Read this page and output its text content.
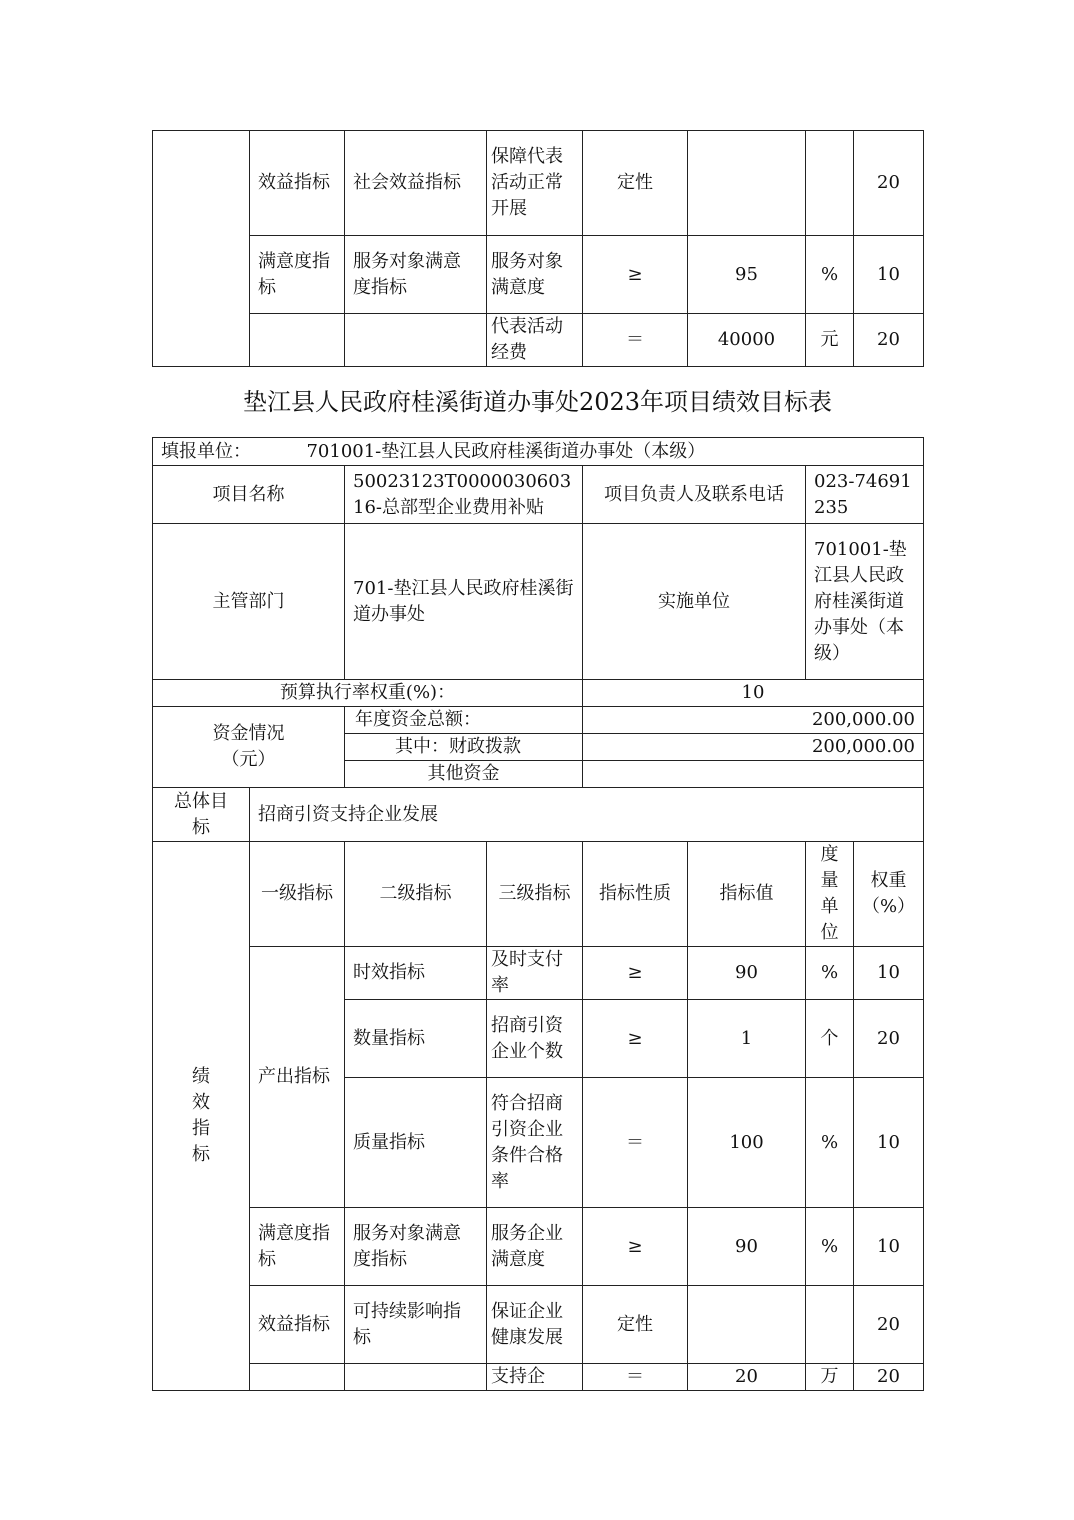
	效益指标	社会效益指标	保障代表活动正常开展	定性			20
	满意度指标	服务对象满意度指标	服务对象满意度	≥	95	%	10
			代表活动经费	＝	40000	元	20
垫江县人民政府桂溪街道办事处2023年项目绩效目标表
填报单位： 701001-垫江县人民政府桂溪街道办事处（本级）							
项目名称		50023123T000003060316-总部型企业费用补贴		项目负责人及联系电话		023-74691235	
主管部门		701-垫江县人民政府桂溪街道办事处		实施单位		701001-垫江县人民政府桂溪街道办事处（本级）	
预算执行率权重(%)：				10			

资金情况（元）		年度资金总额：		200,000.00			
		其中：财政拨款		200,000.00			
		其他资金					

总体目标	招商引资支持企业发展						

绩效指标	一级指标	二级指标	三级指标	指标性质	指标值	度量单位	权重（%）
	产出指标	时效指标	及时支付率	≥	90	%	10
		数量指标	招商引资企业个数	≥	1	个	20
		质量指标	符合招商引资企业条件合格率	＝	100	%	10
	满意度指标	服务对象满意度指标	服务企业满意度	≥	90	%	10
	效益指标	可持续影响指标	保证企业健康发展	定性			20
			支持企	＝	20	万	20
